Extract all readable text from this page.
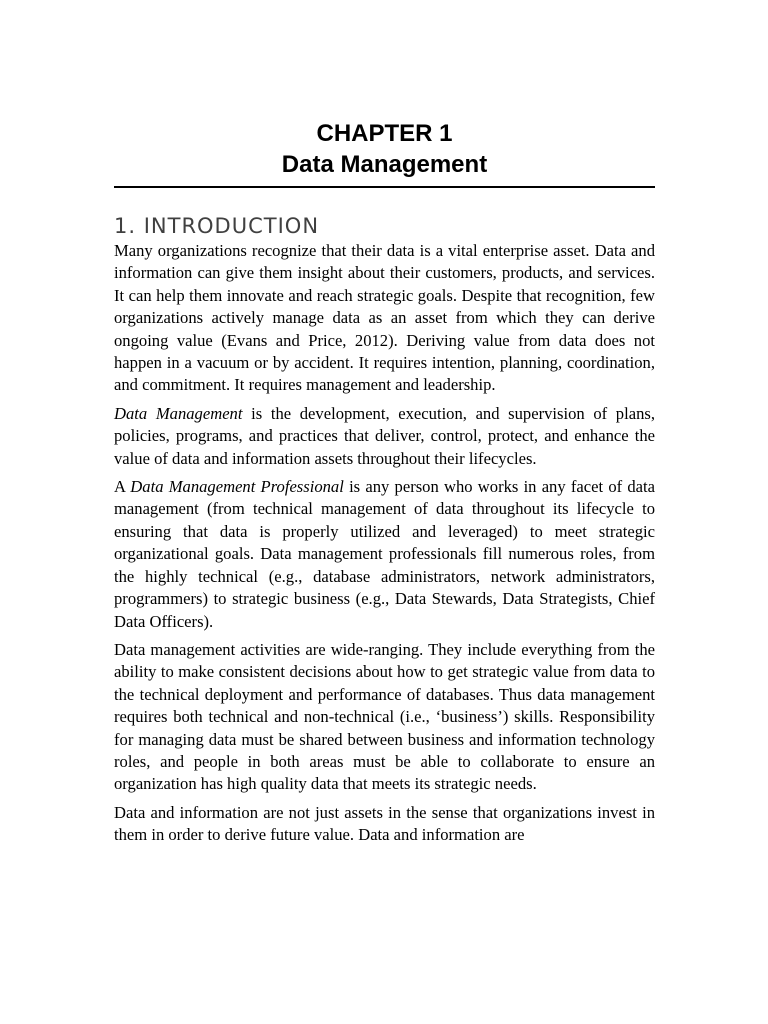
CHAPTER 1
Data Management
1. INTRODUCTION

Many organizations recognize that their data is a vital enterprise asset. Data and information can give them insight about their customers, products, and services. It can help them innovate and reach strategic goals. Despite that recognition, few organizations actively manage data as an asset from which they can derive ongoing value (Evans and Price, 2012). Deriving value from data does not happen in a vacuum or by accident. It requires intention, planning, coordination, and commitment. It requires management and leadership.

Data Management is the development, execution, and supervision of plans, policies, programs, and practices that deliver, control, protect, and enhance the value of data and information assets throughout their lifecycles.

A Data Management Professional is any person who works in any facet of data management (from technical management of data throughout its lifecycle to ensuring that data is properly utilized and leveraged) to meet strategic organizational goals. Data management professionals fill numerous roles, from the highly technical (e.g., database administrators, network administrators, programmers) to strategic business (e.g., Data Stewards, Data Strategists, Chief Data Officers).

Data management activities are wide-ranging. They include everything from the ability to make consistent decisions about how to get strategic value from data to the technical deployment and performance of databases. Thus data management requires both technical and non-technical (i.e., ‘business’) skills. Responsibility for managing data must be shared between business and information technology roles, and people in both areas must be able to collaborate to ensure an organization has high quality data that meets its strategic needs.

Data and information are not just assets in the sense that organizations invest in them in order to derive future value. Data and information are
